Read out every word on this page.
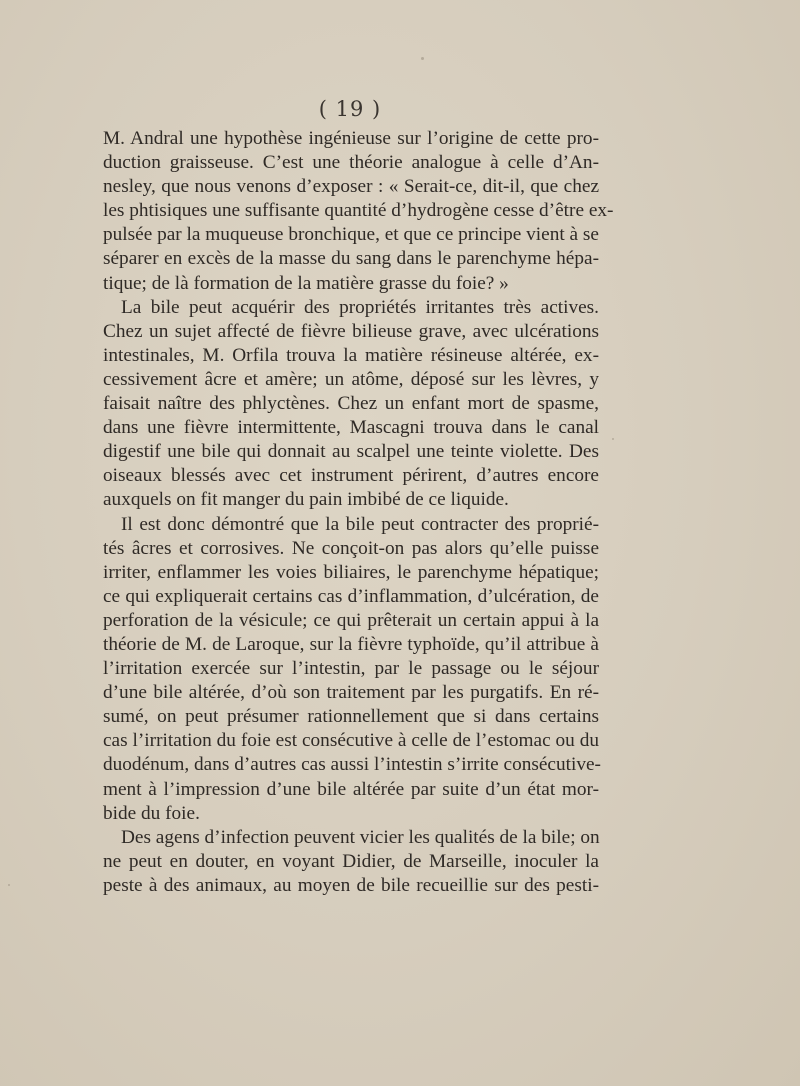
( 19 )
M. Andral une hypothèse ingénieuse sur l’origine de cette pro-
duction graisseuse. C’est une théorie analogue à celle d’An-
nesley, que nous venons d’exposer : « Serait-ce, dit-il, que chez
les phtisiques une suffisante quantité d’hydrogène cesse d’être ex-
pulsée par la muqueuse bronchique, et que ce principe vient à se
séparer en excès de la masse du sang dans le parenchyme hépa-
tique; de là formation de la matière grasse du foie? »
La bile peut acquérir des propriétés irritantes très actives.
Chez un sujet affecté de fièvre bilieuse grave, avec ulcérations
intestinales, M. Orfila trouva la matière résineuse altérée, ex-
cessivement âcre et amère; un atôme, déposé sur les lèvres, y
faisait naître des phlyctènes. Chez un enfant mort de spasme,
dans une fièvre intermittente, Mascagni trouva dans le canal
digestif une bile qui donnait au scalpel une teinte violette. Des
oiseaux blessés avec cet instrument périrent, d’autres encore
auxquels on fit manger du pain imbibé de ce liquide.
Il est donc démontré que la bile peut contracter des proprié-
tés âcres et corrosives. Ne conçoit-on pas alors qu’elle puisse
irriter, enflammer les voies biliaires, le parenchyme hépatique;
ce qui expliquerait certains cas d’inflammation, d’ulcération, de
perforation de la vésicule; ce qui prêterait un certain appui à la
théorie de M. de Laroque, sur la fièvre typhoïde, qu’il attribue à
l’irritation exercée sur l’intestin, par le passage ou le séjour
d’une bile altérée, d’où son traitement par les purgatifs. En ré-
sumé, on peut présumer rationnellement que si dans certains
cas l’irritation du foie est consécutive à celle de l’estomac ou du
duodénum, dans d’autres cas aussi l’intestin s’irrite consécutive-
ment à l’impression d’une bile altérée par suite d’un état mor-
bide du foie.
Des agens d’infection peuvent vicier les qualités de la bile; on
ne peut en douter, en voyant Didier, de Marseille, inoculer la
peste à des animaux, au moyen de bile recueillie sur des pesti-
